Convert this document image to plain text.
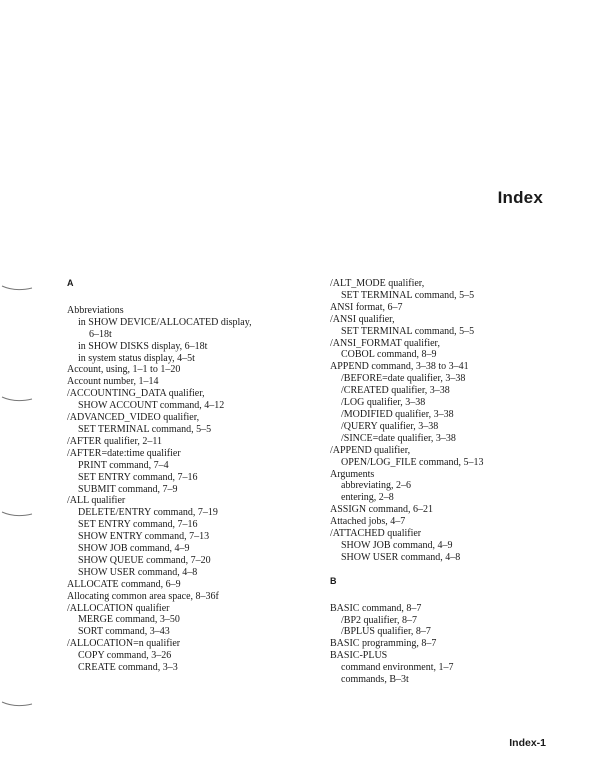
Index
A
Abbreviations
in SHOW DEVICE/ALLOCATED display,
6–18t
in SHOW DISKS display, 6–18t
in system status display, 4–5t
Account, using, 1–1 to 1–20
Account number, 1–14
/ACCOUNTING_DATA qualifier,
SHOW ACCOUNT command, 4–12
/ADVANCED_VIDEO qualifier,
SET TERMINAL command, 5–5
/AFTER qualifier, 2–11
/AFTER=date:time qualifier
PRINT command, 7–4
SET ENTRY command, 7–16
SUBMIT command, 7–9
/ALL qualifier
DELETE/ENTRY command, 7–19
SET ENTRY command, 7–16
SHOW ENTRY command, 7–13
SHOW JOB command, 4–9
SHOW QUEUE command, 7–20
SHOW USER command, 4–8
ALLOCATE command, 6–9
Allocating common area space, 8–36f
/ALLOCATION qualifier
MERGE command, 3–50
SORT command, 3–43
/ALLOCATION=n qualifier
COPY command, 3–26
CREATE command, 3–3
/ALT_MODE qualifier,
SET TERMINAL command, 5–5
ANSI format, 6–7
/ANSI qualifier,
SET TERMINAL command, 5–5
/ANSI_FORMAT qualifier,
COBOL command, 8–9
APPEND command, 3–38 to 3–41
/BEFORE=date qualifier, 3–38
/CREATED qualifier, 3–38
/LOG qualifier, 3–38
/MODIFIED qualifier, 3–38
/QUERY qualifier, 3–38
/SINCE=date qualifier, 3–38
/APPEND qualifier,
OPEN/LOG_FILE command, 5–13
Arguments
abbreviating, 2–6
entering, 2–8
ASSIGN command, 6–21
Attached jobs, 4–7
/ATTACHED qualifier
SHOW JOB command, 4–9
SHOW USER command, 4–8
B
BASIC command, 8–7
/BP2 qualifier, 8–7
/BPLUS qualifier, 8–7
BASIC programming, 8–7
BASIC-PLUS
command environment, 1–7
commands, B–3t
Index-1
